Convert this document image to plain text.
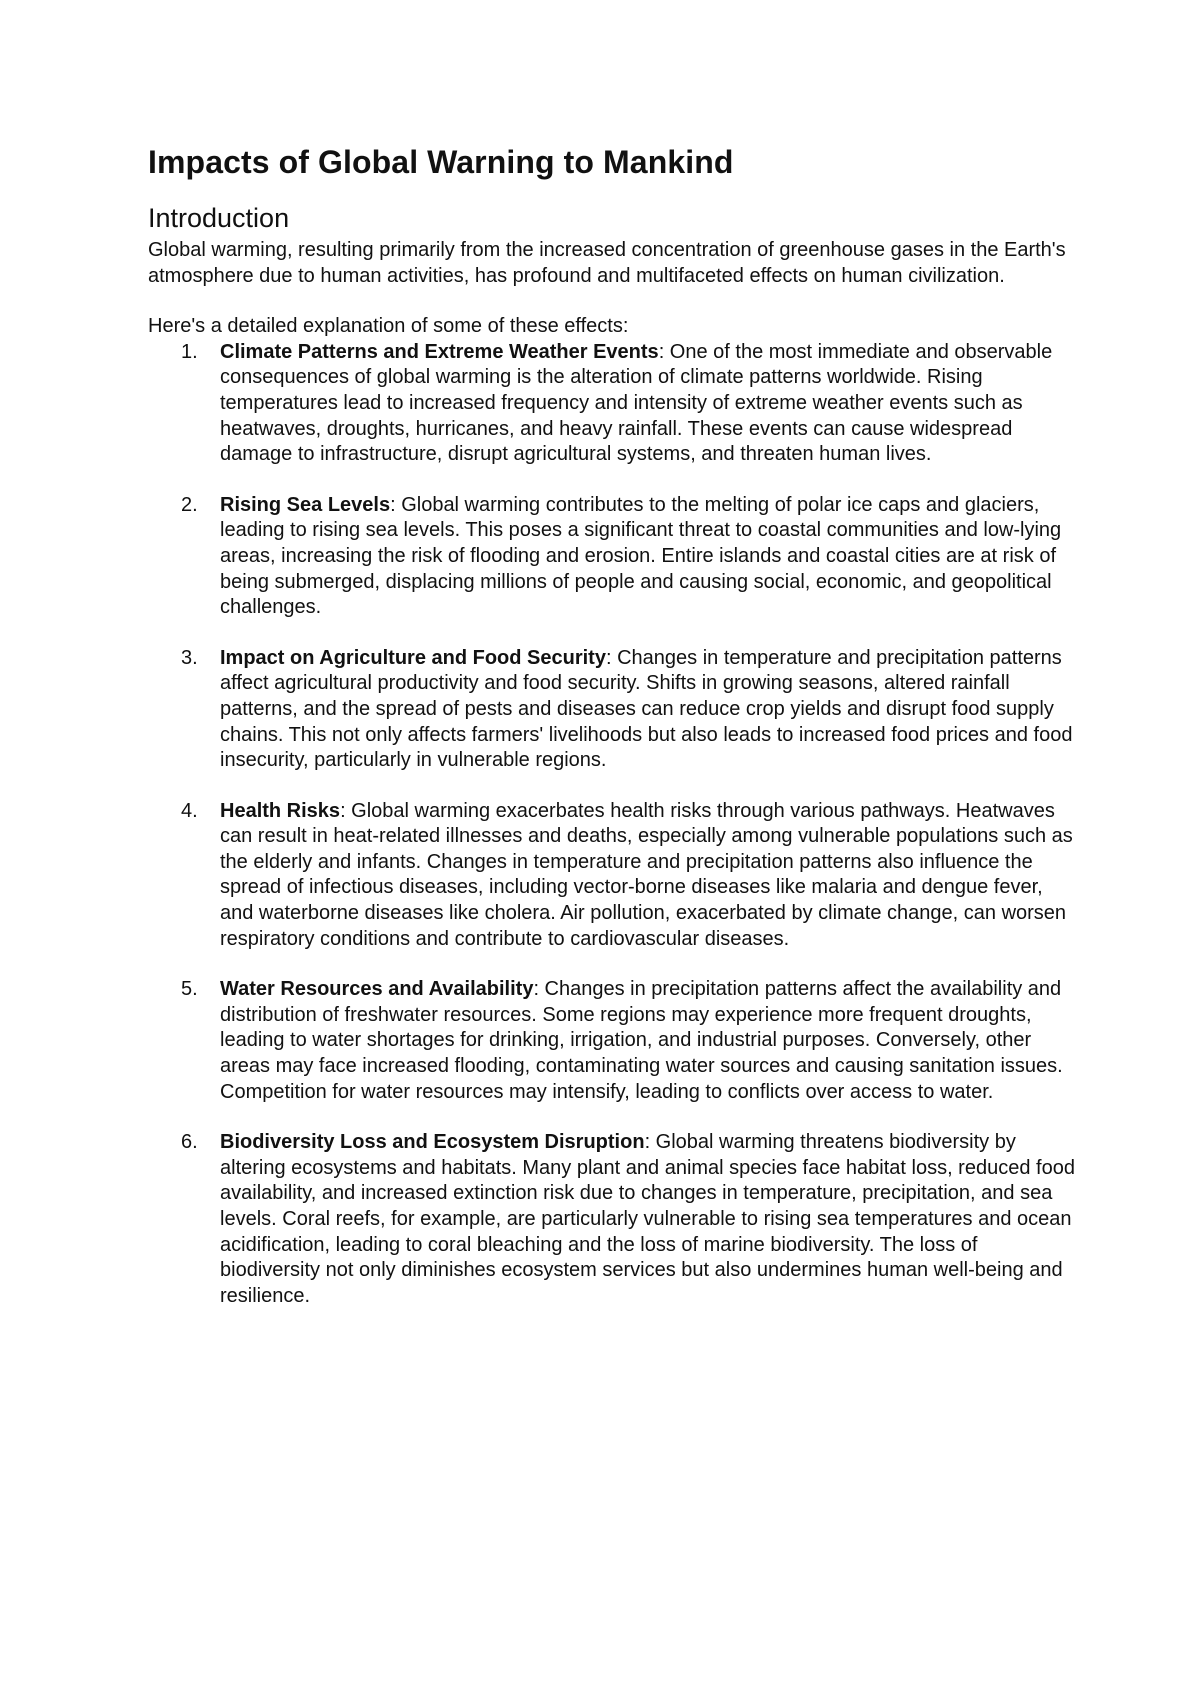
Impacts of Global Warning to Mankind
Introduction

Global warming, resulting primarily from the increased concentration of greenhouse gases in the Earth's atmosphere due to human activities, has profound and multifaceted effects on human civilization.

Here's a detailed explanation of some of these effects:

1. Climate Patterns and Extreme Weather Events: One of the most immediate and observable consequences of global warming is the alteration of climate patterns worldwide. Rising temperatures lead to increased frequency and intensity of extreme weather events such as heatwaves, droughts, hurricanes, and heavy rainfall. These events can cause widespread damage to infrastructure, disrupt agricultural systems, and threaten human lives.
2. Rising Sea Levels: Global warming contributes to the melting of polar ice caps and glaciers, leading to rising sea levels. This poses a significant threat to coastal communities and low-lying areas, increasing the risk of flooding and erosion. Entire islands and coastal cities are at risk of being submerged, displacing millions of people and causing social, economic, and geopolitical challenges.
3. Impact on Agriculture and Food Security: Changes in temperature and precipitation patterns affect agricultural productivity and food security. Shifts in growing seasons, altered rainfall patterns, and the spread of pests and diseases can reduce crop yields and disrupt food supply chains. This not only affects farmers' livelihoods but also leads to increased food prices and food insecurity, particularly in vulnerable regions.
4. Health Risks: Global warming exacerbates health risks through various pathways. Heatwaves can result in heat-related illnesses and deaths, especially among vulnerable populations such as the elderly and infants. Changes in temperature and precipitation patterns also influence the spread of infectious diseases, including vector-borne diseases like malaria and dengue fever, and waterborne diseases like cholera. Air pollution, exacerbated by climate change, can worsen respiratory conditions and contribute to cardiovascular diseases.
5. Water Resources and Availability: Changes in precipitation patterns affect the availability and distribution of freshwater resources. Some regions may experience more frequent droughts, leading to water shortages for drinking, irrigation, and industrial purposes. Conversely, other areas may face increased flooding, contaminating water sources and causing sanitation issues. Competition for water resources may intensify, leading to conflicts over access to water.
6. Biodiversity Loss and Ecosystem Disruption: Global warming threatens biodiversity by altering ecosystems and habitats. Many plant and animal species face habitat loss, reduced food availability, and increased extinction risk due to changes in temperature, precipitation, and sea levels. Coral reefs, for example, are particularly vulnerable to rising sea temperatures and ocean acidification, leading to coral bleaching and the loss of marine biodiversity. The loss of biodiversity not only diminishes ecosystem services but also undermines human well-being and resilience.
